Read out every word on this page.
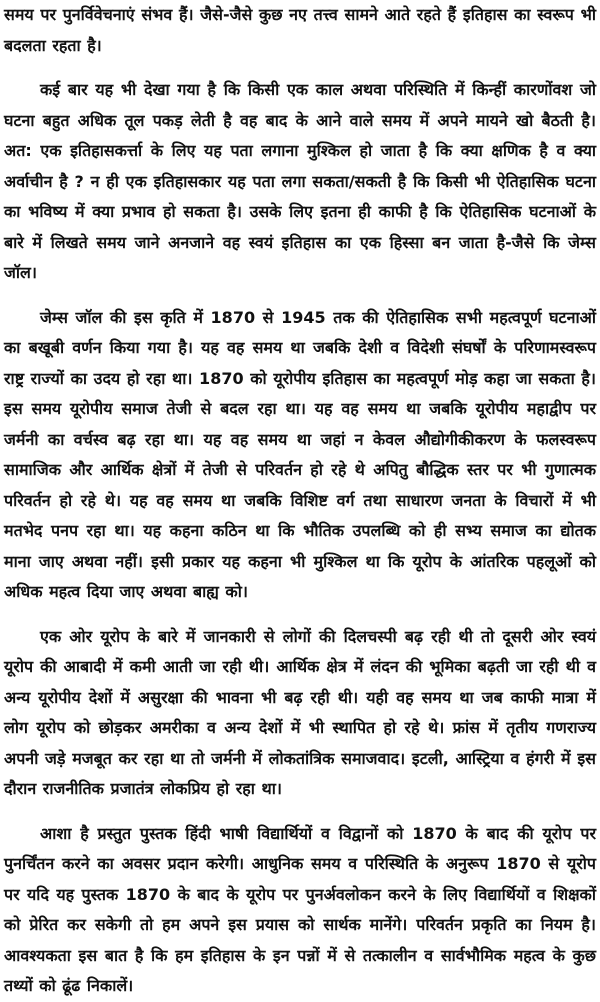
समय पर पुनर्विवेचनाएं संभव हैं। जैसे-जैसे कुछ नए तत्त्व सामने आते रहते हैं इतिहास का स्वरूप भी बदलता रहता है।

कई बार यह भी देखा गया है कि किसी एक काल अथवा परिस्थिति में किन्हीं कारणोंवश जो घटना बहुत अधिक तूल पकड़ लेती है वह बाद के आने वाले समय में अपने मायने खो बैठती है। अत: एक इतिहासकर्त्ता के लिए यह पता लगाना मुश्किल हो जाता है कि क्या क्षणिक है व क्या अर्वाचीन है ? न ही एक इतिहासकार यह पता लगा सकता/सकती है कि किसी भी ऐतिहासिक घटना का भविष्य में क्या प्रभाव हो सकता है। उसके लिए इतना ही काफी है कि ऐतिहासिक घटनाओं के बारे में लिखते समय जाने अनजाने वह स्वयं इतिहास का एक हिस्सा बन जाता है-जैसे कि जेम्स जॉल।

जेम्स जॉल की इस कृति में 1870 से 1945 तक की ऐतिहासिक सभी महत्वपूर्ण घटनाओं का बखूबी वर्णन किया गया है। यह वह समय था जबकि देशी व विदेशी संघर्षों के परिणामस्वरूप राष्ट्र राज्यों का उदय हो रहा था। 1870 को यूरोपीय इतिहास का महत्वपूर्ण मोड़ कहा जा सकता है। इस समय यूरोपीय समाज तेजी से बदल रहा था। यह वह समय था जबकि यूरोपीय महाद्वीप पर जर्मनी का वर्चस्व बढ़ रहा था। यह वह समय था जहां न केवल औद्योगीकीकरण के फलस्वरूप सामाजिक और आर्थिक क्षेत्रों में तेजी से परिवर्तन हो रहे थे अपितु बौद्धिक स्तर पर भी गुणात्मक परिवर्तन हो रहे थे। यह वह समय था जबकि विशिष्ट वर्ग तथा साधारण जनता के विचारों में भी मतभेद पनप रहा था। यह कहना कठिन था कि भौतिक उपलब्धि को ही सभ्य समाज का द्योतक माना जाए अथवा नहीं। इसी प्रकार यह कहना भी मुश्किल था कि यूरोप के आंतरिक पहलूओं को अधिक महत्व दिया जाए अथवा बाह्य को।

एक ओर यूरोप के बारे में जानकारी से लोगों की दिलचस्पी बढ़ रही थी तो दूसरी ओर स्वयं यूरोप की आबादी में कमी आती जा रही थी। आर्थिक क्षेत्र में लंदन की भूमिका बढ़ती जा रही थी व अन्य यूरोपीय देशों में असुरक्षा की भावना भी बढ़ रही थी। यही वह समय था जब काफी मात्रा में लोग यूरोप को छोड़कर अमरीका व अन्य देशों में भी स्थापित हो रहे थे। फ्रांस में तृतीय गणराज्य अपनी जड़े मजबूत कर रहा था तो जर्मनी में लोकतांत्रिक समाजवाद। इटली, आस्ट्रिया व हंगरी में इस दौरान राजनीतिक प्रजातंत्र लोकप्रिय हो रहा था।

आशा है प्रस्तुत पुस्तक हिंदी भाषी विद्यार्थियों व विद्वानों को 1870 के बाद की यूरोप पर पुनर्चिंतन करने का अवसर प्रदान करेगी। आधुनिक समय व परिस्थिति के अनुरूप 1870 से यूरोप पर यदि यह पुस्तक 1870 के बाद के यूरोप पर पुनर्अवलोकन करने के लिए विद्यार्थियों व शिक्षकों को प्रेरित कर सकेगी तो हम अपने इस प्रयास को सार्थक मानेंगे। परिवर्तन प्रकृति का नियम है। आवश्यकता इस बात है कि हम इतिहास के इन पन्नों में से तत्कालीन व सार्वभौमिक महत्व के कुछ तथ्यों को ढूंढ निकालें।
